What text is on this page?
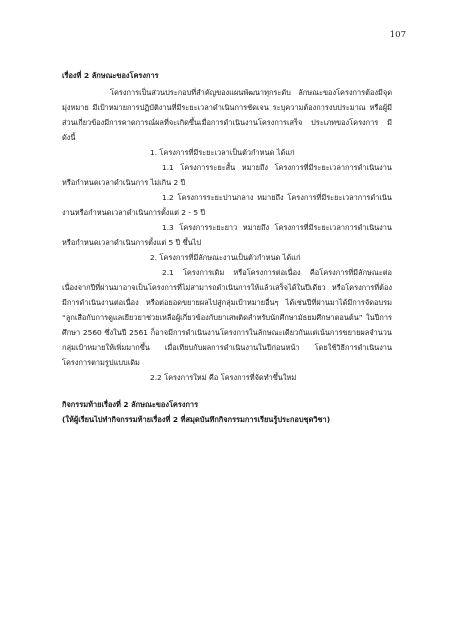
107
เรื่องที่ 2 ลักษณะของโครงการ

โครงการเป็นส่วนประกอบที่สำคัญของแผนพัฒนาทุกระดับ ลักษณะของโครงการต้องมีจุดมุ่งหมาย มีเป้าหมายการปฏิบัติงานที่มีระยะเวลาดำเนินการชัดเจน ระบุความต้องการงบประมาณ หรือผู้มีส่วนเกี่ยวข้องมีการคาดการณ์ผลที่จะเกิดขึ้นเมื่อการดำเนินงานโครงการเสร็จ ประเภทของโครงการ มีดังนี้

1. โครงการที่มีระยะเวลาเป็นตัวกำหนด ได้แก่

1.1 โครงการระยะสั้น หมายถึง โครงการที่มีระยะเวลาการดำเนินงาน หรือกำหนดเวลาดำเนินการ ไม่เกิน 2 ปี

1.2 โครงการระยะปานกลาง หมายถึง โครงการที่มีระยะเวลาการดำเนินงานหรือกำหนดเวลาดำเนินการตั้งแต่ 2 - 5 ปี

1.3 โครงการระยะยาว หมายถึง โครงการที่มีระยะเวลาการดำเนินงานหรือกำหนดเวลาดำเนินการตั้งแต่ 5 ปี ขึ้นไป

2. โครงการที่มีลักษณะงานเป็นตัวกำหนด ได้แก่

2.1 โครงการเดิม หรือโครงการต่อเนื่อง คือโครงการที่มีลักษณะต่อเนื่องจากปีที่ผ่านมาอาจเป็นโครงการที่ไม่สามารถดำเนินการให้แล้วเสร็จได้ในปีเดียว หรือโครงการที่ต้องมีการดำเนินงานต่อเนื่อง หรือต่อยอดขยายผลไปสู่กลุ่มเป้าหมายอื่นๆ ได้เช่นปีที่ผ่านมาได้มีการจัดอบรม “ลูกเสือกับการดูแลเยียวยาช่วยเหลือผู้เกี่ยวข้องกับยาเสพติดสำหรับนักศึกษามัธยมศึกษาตอนต้น” ในปีการศึกษา 2560 ซึ่งในปี 2561 ก็อาจมีการดำเนินงานโครงการในลักษณะเดียวกันแต่เน้นการขยายผลจำนวนกลุ่มเป้าหมายให้เพิ่มมากขึ้น เมื่อเทียบกับผลการดำเนินงานในปีก่อนหน้า โดยใช้วิธีการดำเนินงานโครงการตามรูปแบบเดิม

2.2 โครงการใหม่ คือ โครงการที่จัดทำขึ้นใหม่

กิจกรรมท้ายเรื่องที่ 2 ลักษณะของโครงการ
(ให้ผู้เรียนไปทำกิจกรรมท้ายเรื่องที่ 2 ที่สมุดบันทึกกิจกรรมการเรียนรู้ประกอบชุดวิชา)
